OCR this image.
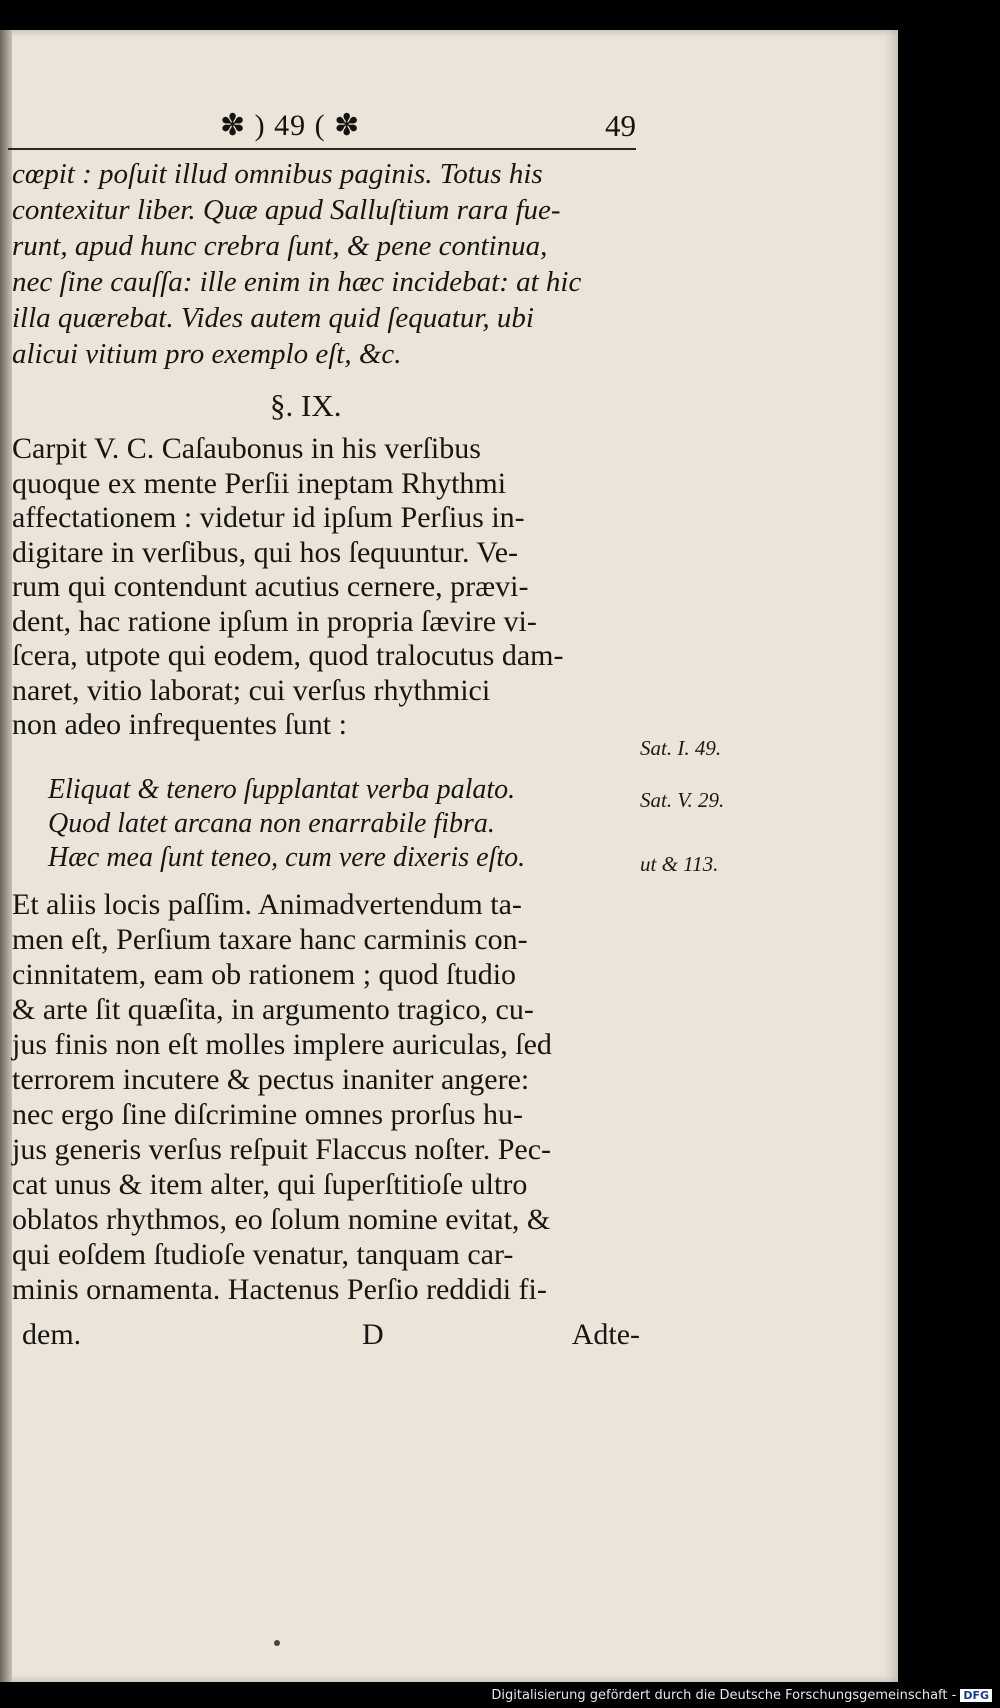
✽ ) 49 ( ✽	49
cœpit : poſuit illud omnibus paginis. Totus his
contexitur liber. Quæ apud Salluſtium rara fue-
runt, apud hunc crebra ſunt, & pene continua,
nec ſine cauſſa: ille enim in hæc incidebat: at hic
illa quærebat. Vides autem quid ſequatur, ubi
alicui vitium pro exemplo eſt, &c.
§. IX.
Carpit V. C. Caſaubonus in his verſibus
quoque ex mente Perſii ineptam Rhythmi
affectationem : videtur id ipſum Perſius in-
digitare in verſibus, qui hos ſequuntur. Ve-
rum qui contendunt acutius cernere, prævi-
dent, hac ratione ipſum in propria ſævire vi-
ſcera, utpote qui eodem, quod tralocutus dam-
naret, vitio laborat; cui verſus rhythmici
non adeo infrequentes ſunt :
Eliquat & tenero ſupplantat verba palato.
Quod latet arcana non enarrabile fibra.
Hæc mea ſunt teneo, cum vere dixeris eſto.
Sat. I. 49.
Sat. V. 29.
ut & 113.
Et aliis locis paſſim. Animadvertendum ta-
men eſt, Perſium taxare hanc carminis con-
cinnitatem, eam ob rationem ; quod ſtudio
& arte ſit quæſita, in argumento tragico, cu-
jus finis non eſt molles implere auriculas, ſed
terrorem incutere & pectus inaniter angere:
nec ergo ſine diſcrimine omnes prorſus hu-
jus generis verſus reſpuit Flaccus noſter. Pec-
cat unus & item alter, qui ſuperſtitioſe ultro
oblatos rhythmos, eo ſolum nomine evitat, &
qui eoſdem ſtudioſe venatur, tanquam car-
minis ornamenta. Hactenus Perſio reddidi fi-
dem.	D	Adte-
Digitalisierung gefördert durch die Deutsche Forschungsgemeinschaft - DFG
